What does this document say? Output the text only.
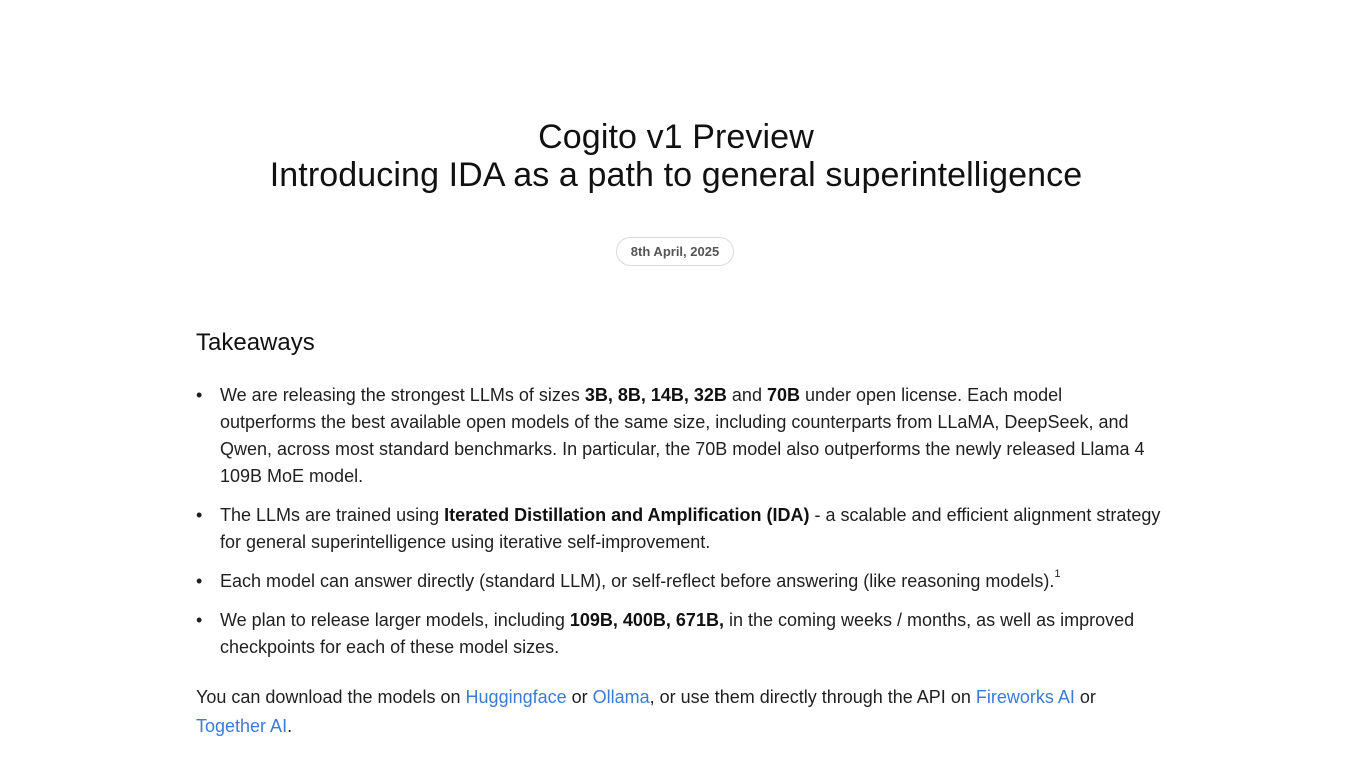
Cogito v1 Preview
Introducing IDA as a path to general superintelligence
8th April, 2025
Takeaways
• We are releasing the strongest LLMs of sizes 3B, 8B, 14B, 32B and 70B under open license. Each model outperforms the best available open models of the same size, including counterparts from LLaMA, DeepSeek, and Qwen, across most standard benchmarks. In particular, the 70B model also outperforms the newly released Llama 4 109B MoE model.
• The LLMs are trained using Iterated Distillation and Amplification (IDA) - a scalable and efficient alignment strategy for general superintelligence using iterative self-improvement.
• Each model can answer directly (standard LLM), or self-reflect before answering (like reasoning models).$^1$
• We plan to release larger models, including 109B, 400B, 671B, in the coming weeks / months, as well as improved checkpoints for each of these model sizes.

You can download the models on Huggingface or Ollama, or use them directly through the API on Fireworks AI or
Together AI.
